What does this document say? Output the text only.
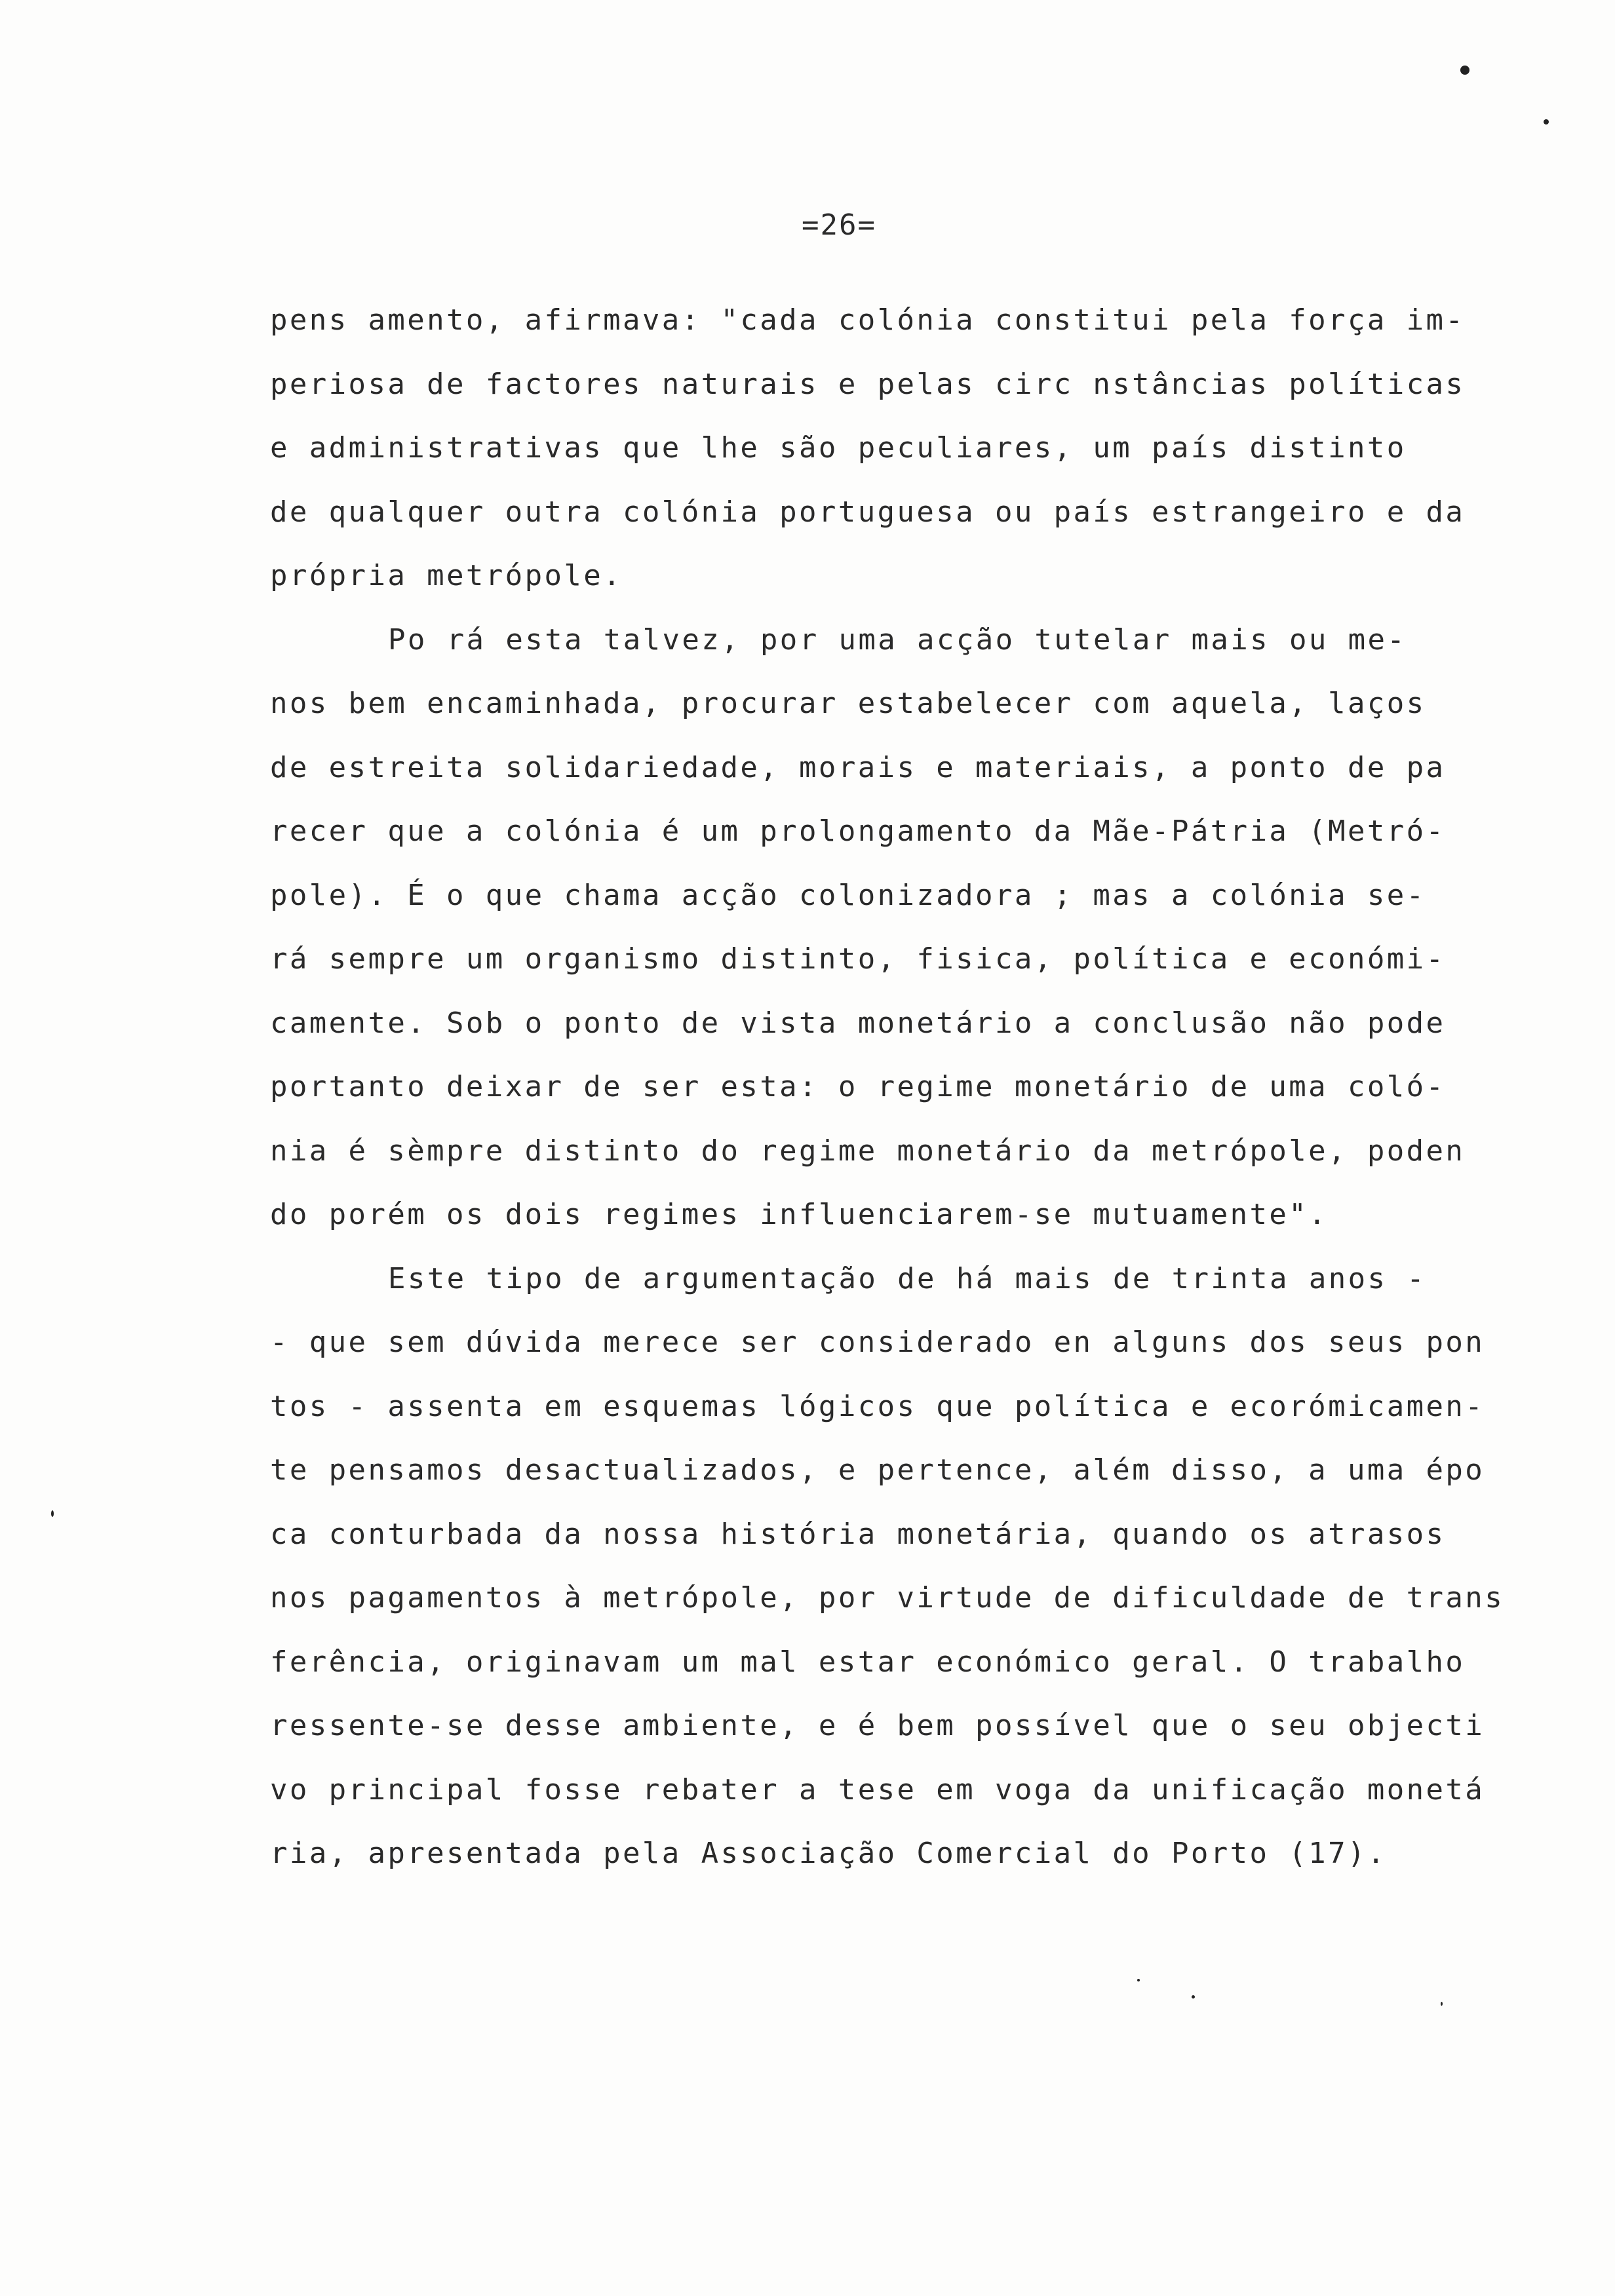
=26=
pens amento, afirmava: "cada colónia constitui pela força im-
periosa de factores naturais e pelas circ nstâncias políticas
e administrativas que lhe são peculiares, um país distinto
de qualquer outra colónia portuguesa ou país estrangeiro e da
própria metrópole.
Po rá esta talvez, por uma acção tutelar mais ou me-
nos bem encaminhada, procurar estabelecer com aquela, laços
de estreita solidariedade, morais e materiais, a ponto de pa
recer que a colónia é um prolongamento da Mãe-Pátria (Metró-
pole). É o que chama acção colonizadora ; mas a colónia se-
rá sempre um organismo distinto, fisica, política e económi-
camente. Sob o ponto de vista monetário a conclusão não pode
portanto deixar de ser esta: o regime monetário de uma coló-
nia é sèmpre distinto do regime monetário da metrópole, poden
do porém os dois regimes influenciarem-se mutuamente".
Este tipo de argumentação de há mais de trinta anos -
- que sem dúvida merece ser considerado en alguns dos seus pon
tos - assenta em esquemas lógicos que política e ecorómicamen-
te pensamos desactualizados, e pertence, além disso, a uma épo
ca conturbada da nossa história monetária, quando os atrasos
nos pagamentos à metrópole, por virtude de dificuldade de trans
ferência, originavam um mal estar económico geral. O trabalho
ressente-se desse ambiente, e é bem possível que o seu objecti
vo principal fosse rebater a tese em voga da unificação monetá
ria, apresentada pela Associação Comercial do Porto (17).
